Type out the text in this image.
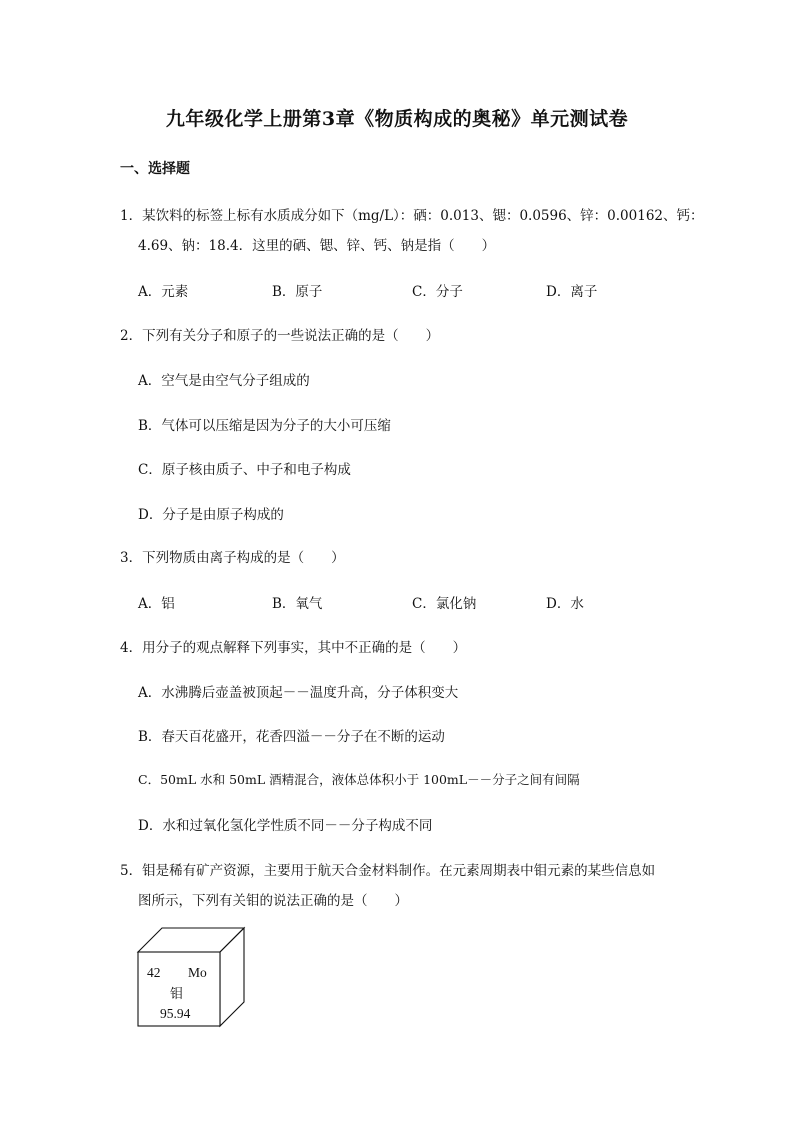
九年级化学上册第3章《物质构成的奥秘》单元测试卷
一、选择题
1．某饮料的标签上标有水质成分如下（mg/L）：硒：0.013、锶：0.0596、锌：0.00162、钙：
4.69、钠：18.4．这里的硒、锶、锌、钙、钠是指（　　）
A．元素	B．原子	C．分子	D．离子
2．下列有关分子和原子的一些说法正确的是（　　）
A．空气是由空气分子组成的
B．气体可以压缩是因为分子的大小可压缩
C．原子核由质子、中子和电子构成
D．分子是由原子构成的
3．下列物质由离子构成的是（　　）
A．铝	B．氧气	C．氯化钠	D．水
4．用分子的观点解释下列事实，其中不正确的是（　　）
A．水沸腾后壶盖被顶起－－温度升高，分子体积变大
B．春天百花盛开，花香四溢－－分子在不断的运动
C．50mL 水和 50mL 酒精混合，液体总体积小于 100mL－－分子之间有间隔
D．水和过氧化氢化学性质不同－－分子构成不同
5．钼是稀有矿产资源，主要用于航天合金材料制作。在元素周期表中钼元素的某些信息如
图所示，下列有关钼的说法正确的是（　　）
42 Mo
钼
95.94
